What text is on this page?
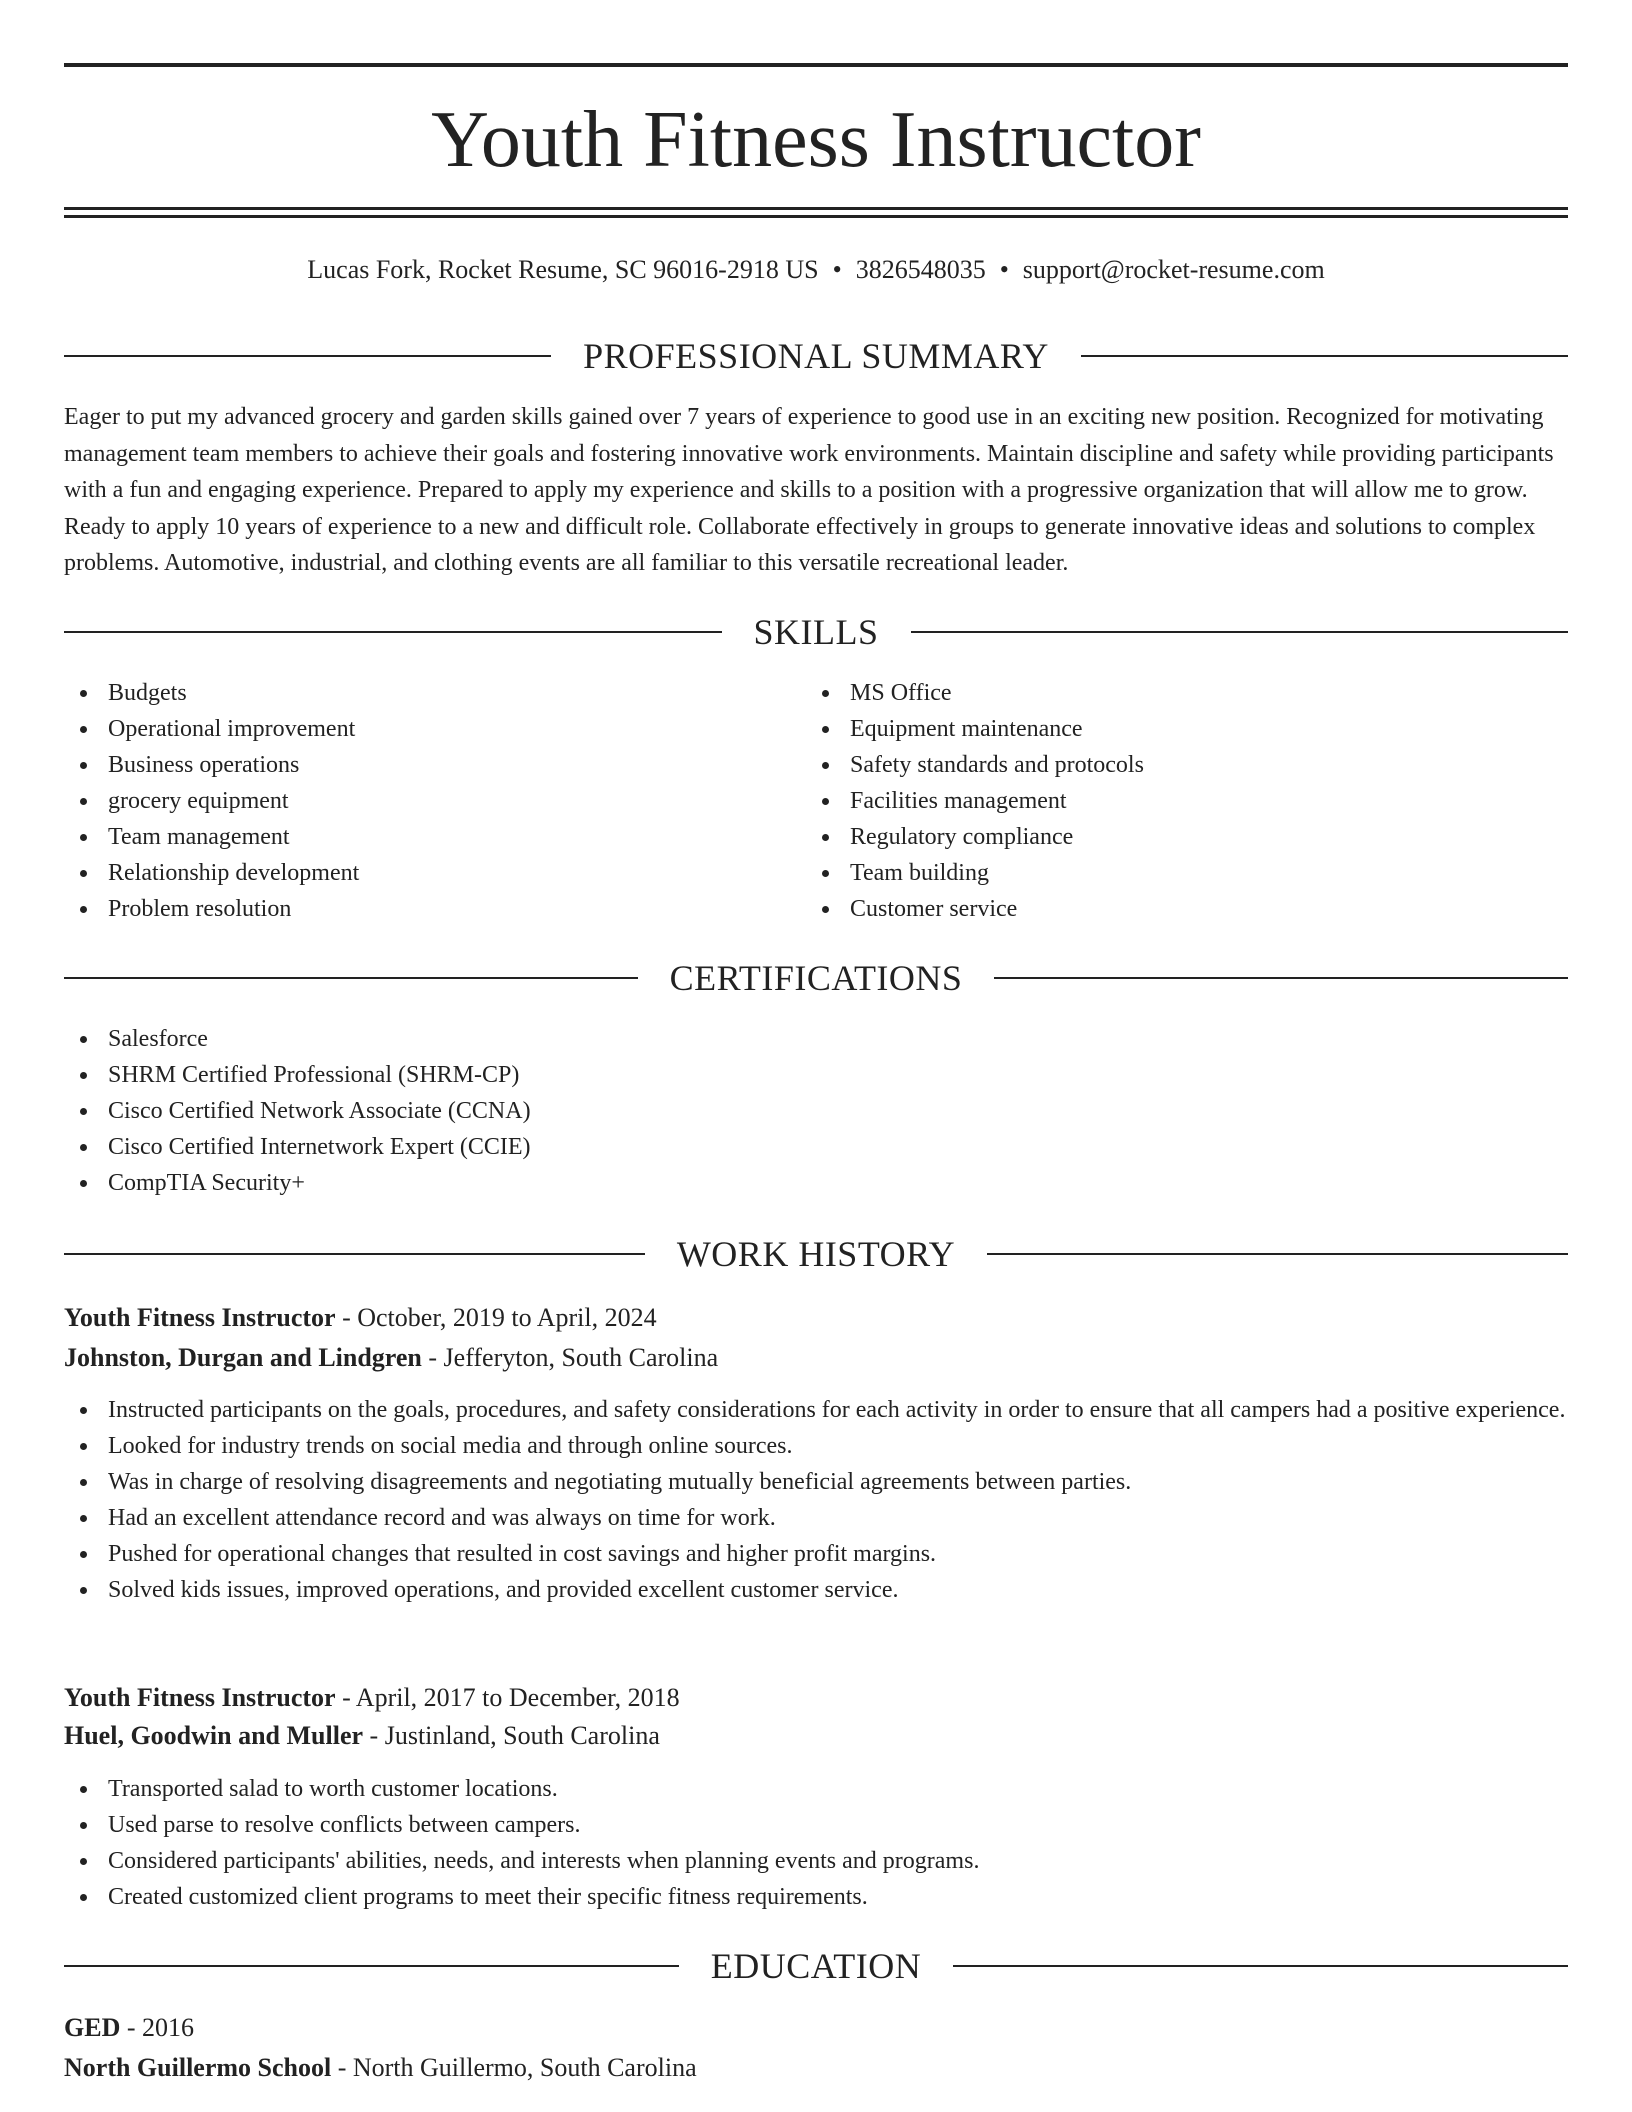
Youth Fitness Instructor
Lucas Fork, Rocket Resume, SC 96016-2918 US • 3826548035 • support@rocket-resume.com
PROFESSIONAL SUMMARY

Eager to put my advanced grocery and garden skills gained over 7 years of experience to good use in an exciting new position. Recognized for motivating management team members to achieve their goals and fostering innovative work environments. Maintain discipline and safety while providing participants with a fun and engaging experience. Prepared to apply my experience and skills to a position with a progressive organization that will allow me to grow. Ready to apply 10 years of experience to a new and difficult role. Collaborate effectively in groups to generate innovative ideas and solutions to complex problems. Automotive, industrial, and clothing events are all familiar to this versatile recreational leader.

SKILLS
Budgets
Operational improvement
Business operations
grocery equipment
Team management
Relationship development
Problem resolution
MS Office
Equipment maintenance
Safety standards and protocols
Facilities management
Regulatory compliance
Team building
Customer service
CERTIFICATIONS
Salesforce
SHRM Certified Professional (SHRM-CP)
Cisco Certified Network Associate (CCNA)
Cisco Certified Internetwork Expert (CCIE)
CompTIA Security+
WORK HISTORY
Youth Fitness Instructor - October, 2019 to April, 2024
Johnston, Durgan and Lindgren - Jefferyton, South Carolina
Instructed participants on the goals, procedures, and safety considerations for each activity in order to ensure that all campers had a positive experience.
Looked for industry trends on social media and through online sources.
Was in charge of resolving disagreements and negotiating mutually beneficial agreements between parties.
Had an excellent attendance record and was always on time for work.
Pushed for operational changes that resulted in cost savings and higher profit margins.
Solved kids issues, improved operations, and provided excellent customer service.
Youth Fitness Instructor - April, 2017 to December, 2018
Huel, Goodwin and Muller - Justinland, South Carolina
Transported salad to worth customer locations.
Used parse to resolve conflicts between campers.
Considered participants' abilities, needs, and interests when planning events and programs.
Created customized client programs to meet their specific fitness requirements.
EDUCATION
GED - 2016
North Guillermo School - North Guillermo, South Carolina
